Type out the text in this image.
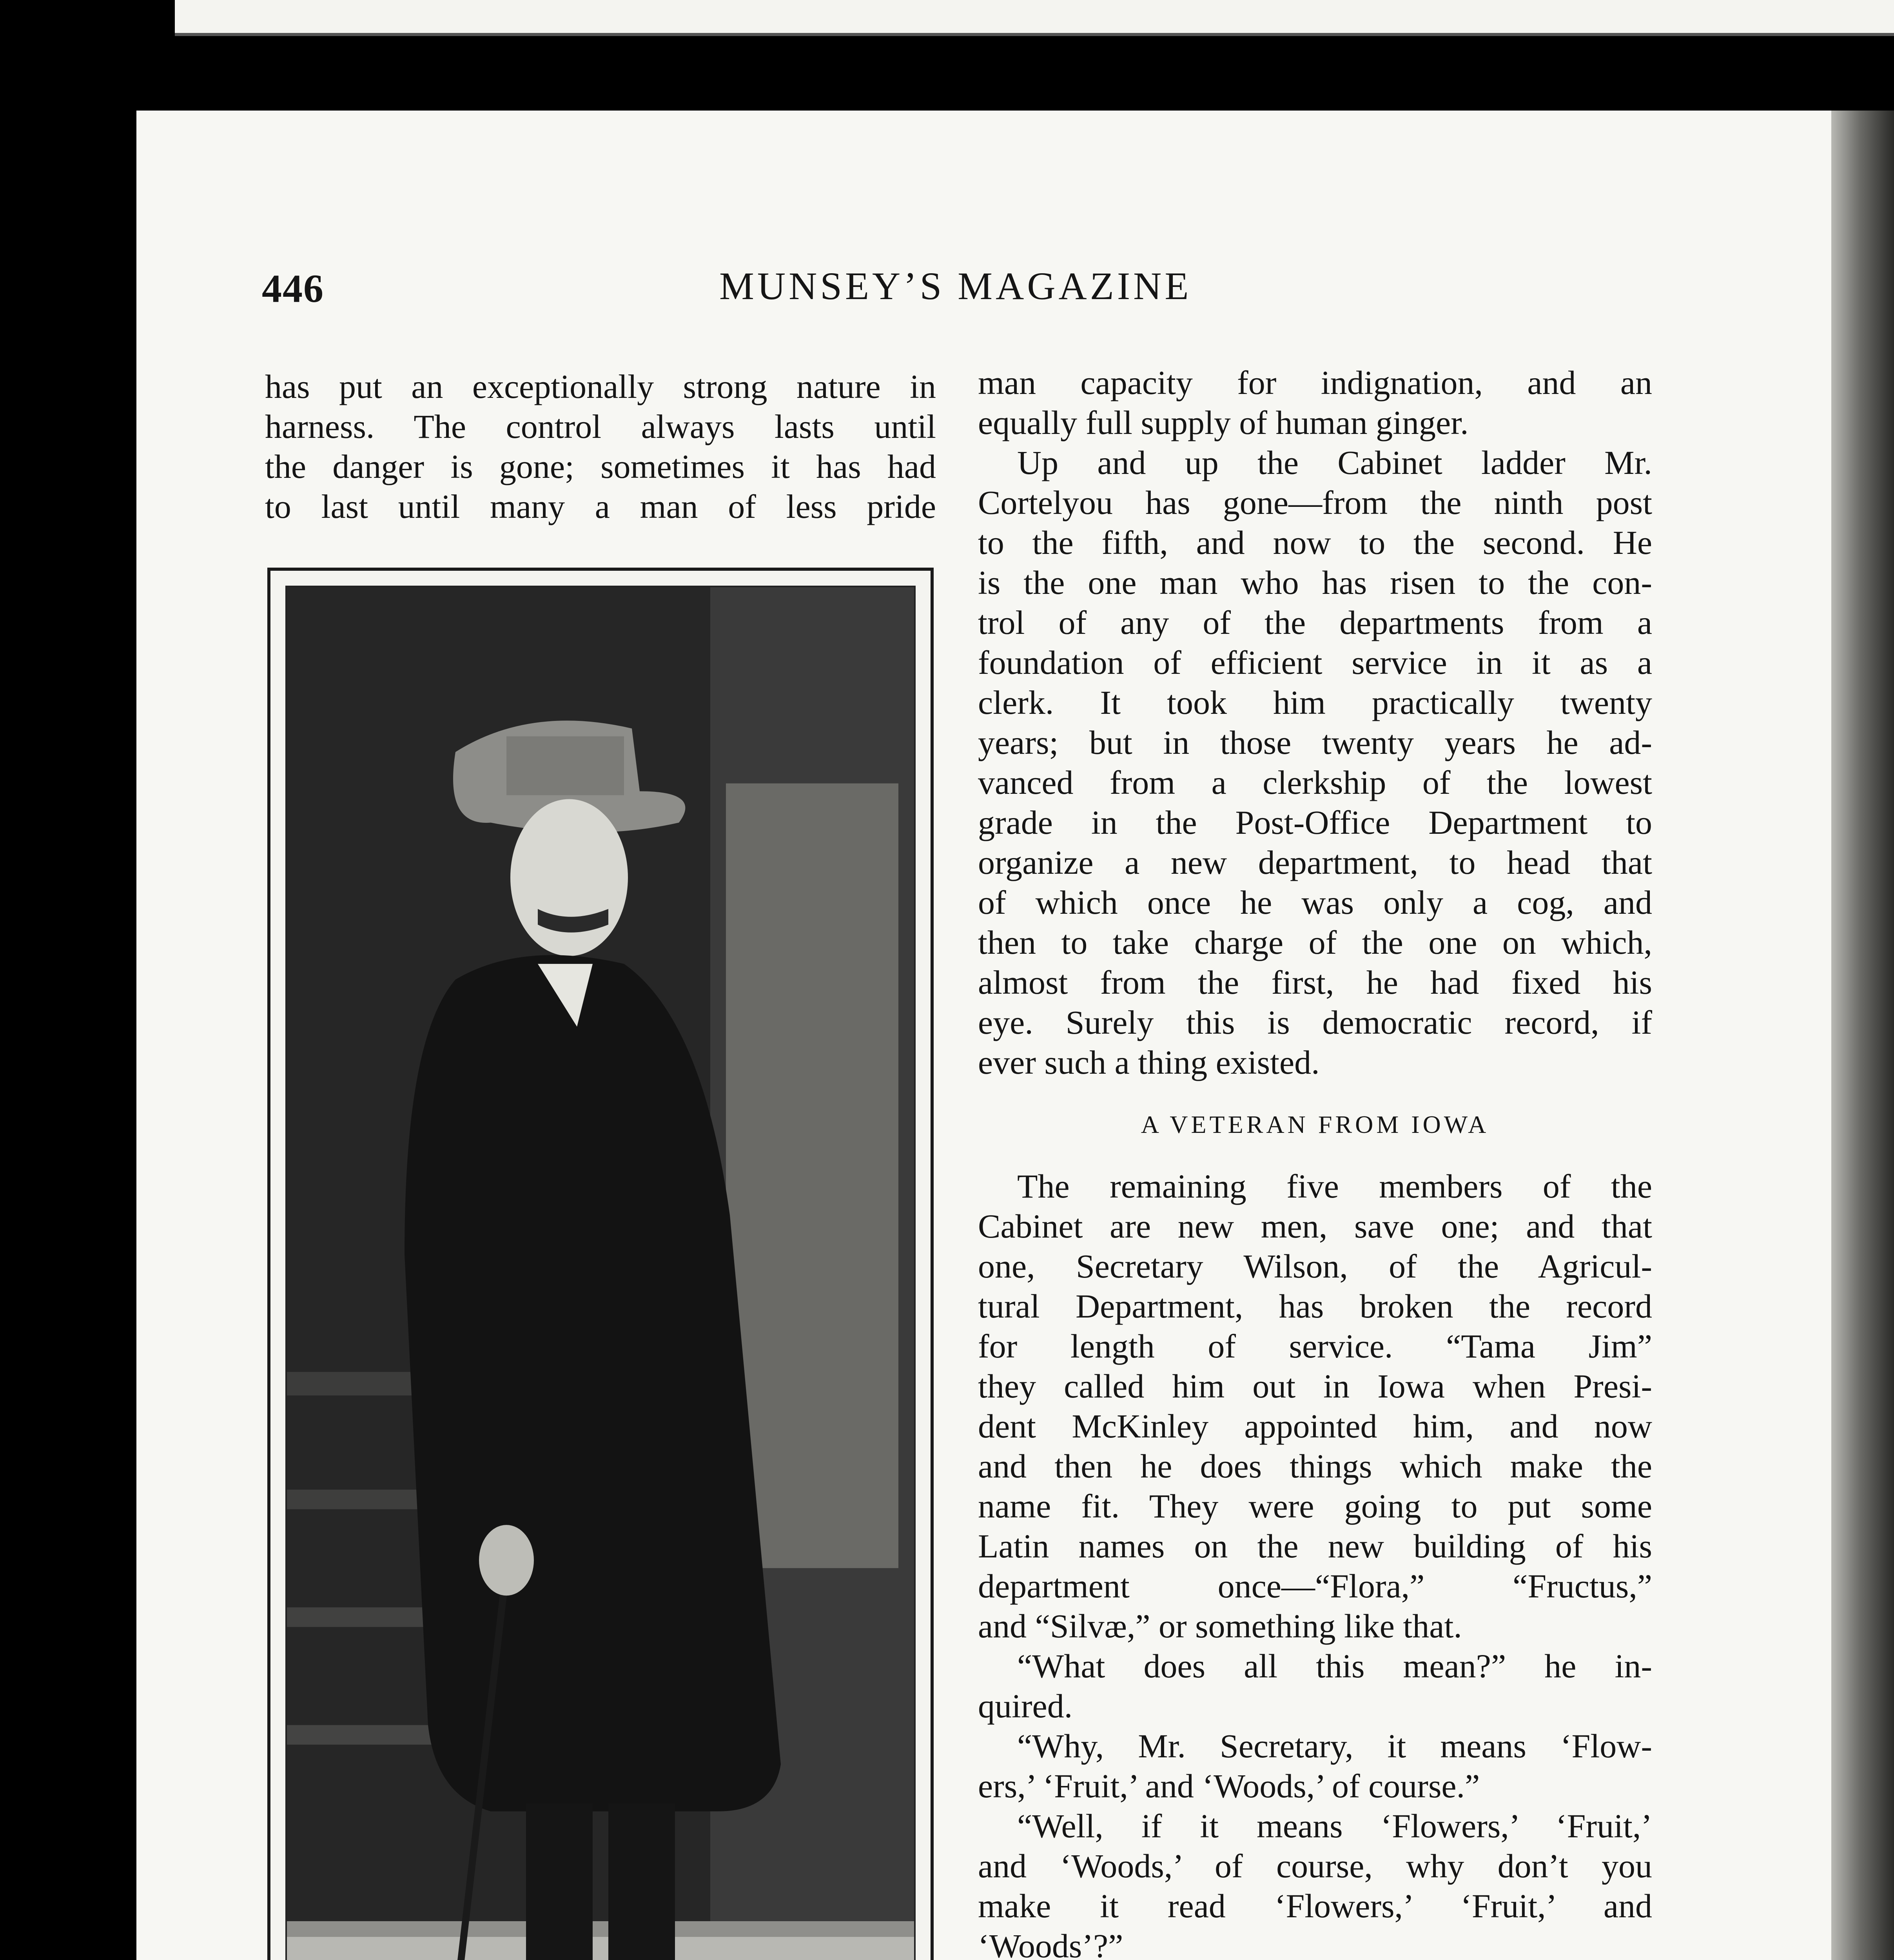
446	MUNSEY’S MAGAZINE
has put an exceptionally strong nature in
harness. The control always lasts until
the danger is gone; sometimes it has had
to last until many a man of less pride
man capacity for indignation, and an
equally full supply of human ginger.
Up and up the Cabinet ladder Mr.
Cortelyou has gone—from the ninth post
to the fifth, and now to the second. He
is the one man who has risen to the con-
trol of any of the departments from a
foundation of efficient service in it as a
clerk. It took him practically twenty
years; but in those twenty years he ad-
vanced from a clerkship of the lowest
grade in the Post-Office Department to
organize a new department, to head that
of which once he was only a cog, and
then to take charge of the one on which,
almost from the first, he had fixed his
eye. Surely this is democratic record, if
ever such a thing existed.
A VETERAN FROM IOWA
The remaining five members of the
Cabinet are new men, save one; and that
one, Secretary Wilson, of the Agricul-
tural Department, has broken the record
for length of service. “Tama Jim”
they called him out in Iowa when Presi-
dent McKinley appointed him, and now
and then he does things which make the
name fit. They were going to put some
Latin names on the new building of his
department once—“Flora,” “Fructus,”
and “Silvæ,” or something like that.
“What does all this mean?” he in-
quired.
“Why, Mr. Secretary, it means ‘Flow-
ers,’ ‘Fruit,’ and ‘Woods,’ of course.”
“Well, if it means ‘Flowers,’ ‘Fruit,’
and ‘Woods,’ of course, why don’t you
make it read ‘Flowers,’ ‘Fruit,’ and
‘Woods’?”
